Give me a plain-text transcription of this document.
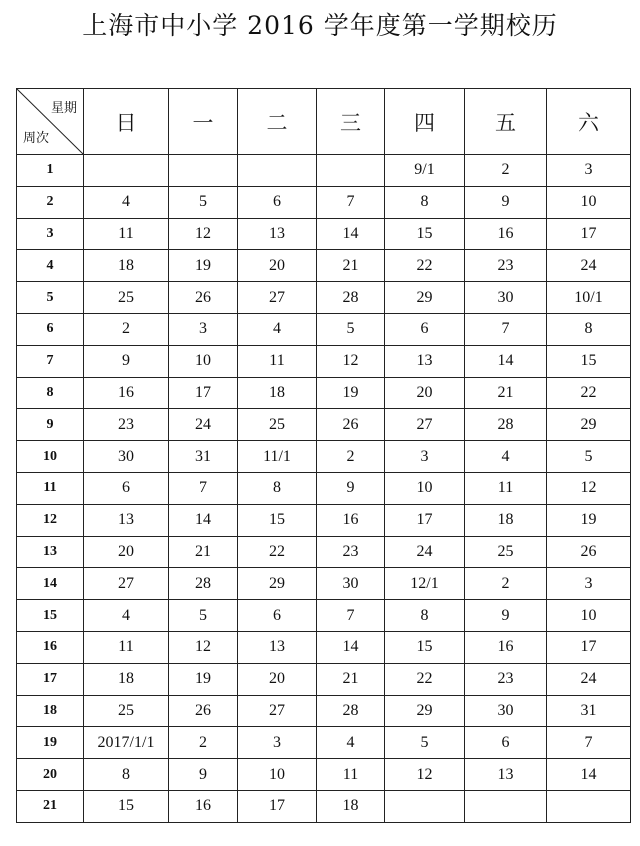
上海市中小学 2016 学年度第一学期校历
星期
周次	日	一	二	三	四	五	六
1					9/1	2	3
2	4	5	6	7	8	9	10
3	11	12	13	14	15	16	17
4	18	19	20	21	22	23	24
5	25	26	27	28	29	30	10/1
6	2	3	4	5	6	7	8
7	9	10	11	12	13	14	15
8	16	17	18	19	20	21	22
9	23	24	25	26	27	28	29
10	30	31	11/1	2	3	4	5
11	6	7	8	9	10	11	12
12	13	14	15	16	17	18	19
13	20	21	22	23	24	25	26
14	27	28	29	30	12/1	2	3
15	4	5	6	7	8	9	10
16	11	12	13	14	15	16	17
17	18	19	20	21	22	23	24
18	25	26	27	28	29	30	31
19	2017/1/1	2	3	4	5	6	7
20	8	9	10	11	12	13	14
21	15	16	17	18			
